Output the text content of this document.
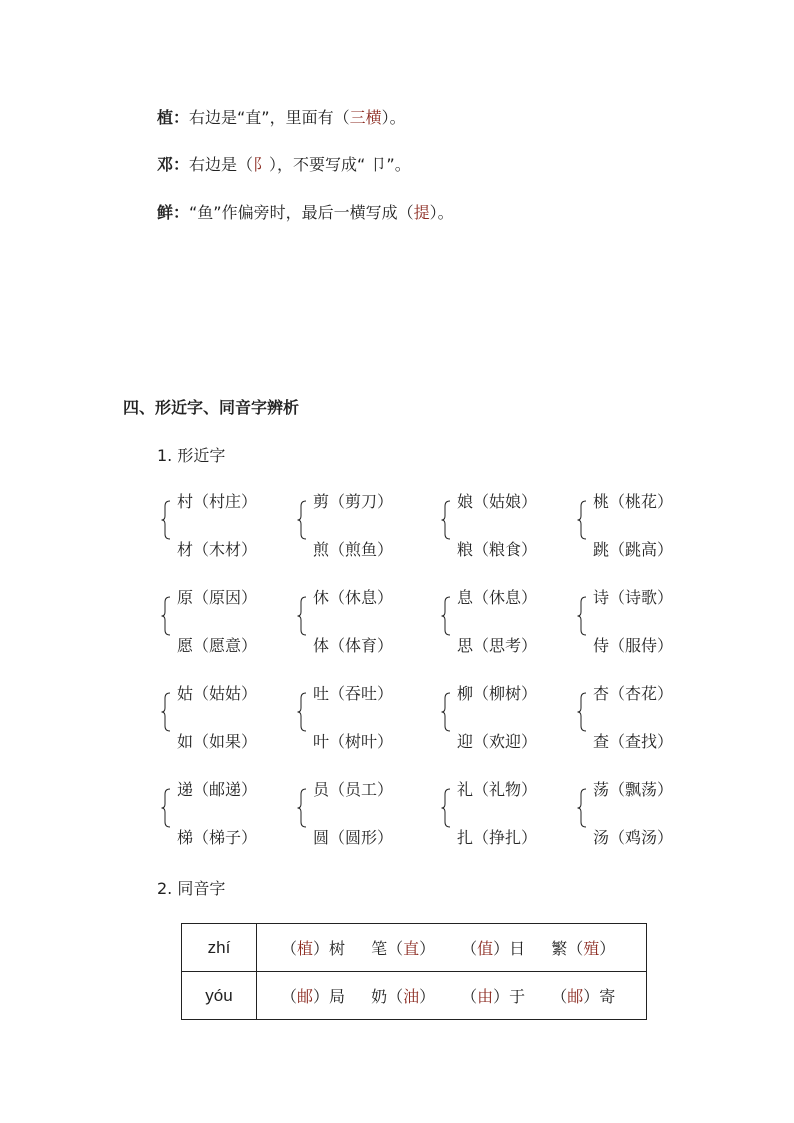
植：右边是“直”，里面有（三横）。
邓：右边是（阝），不要写成“ 卩”。
鲜：“鱼”作偏旁时，最后一横写成（提）。
四、形近字、同音字辨析
1. 形近字
村（村庄）
材（木材）
剪（剪刀）
煎（煎鱼）
娘（姑娘）
粮（粮食）
桃（桃花）
跳（跳高）
原（原因）
愿（愿意）
休（休息）
体（体育）
息（休息）
思（思考）
诗（诗歌）
侍（服侍）
姑（姑姑）
如（如果）
吐（吞吐）
叶（树叶）
柳（柳树）
迎（欢迎）
杏（杏花）
查（查找）
递（邮递）
梯（梯子）
员（员工）
圆（圆形）
礼（礼物）
扎（挣扎）
荡（飘荡）
汤（鸡汤）
2. 同音字
zhí	（植）树 笔（直） （值）日 繁（殖）
yóu	（邮）局 奶（油） （由）于 （邮）寄
